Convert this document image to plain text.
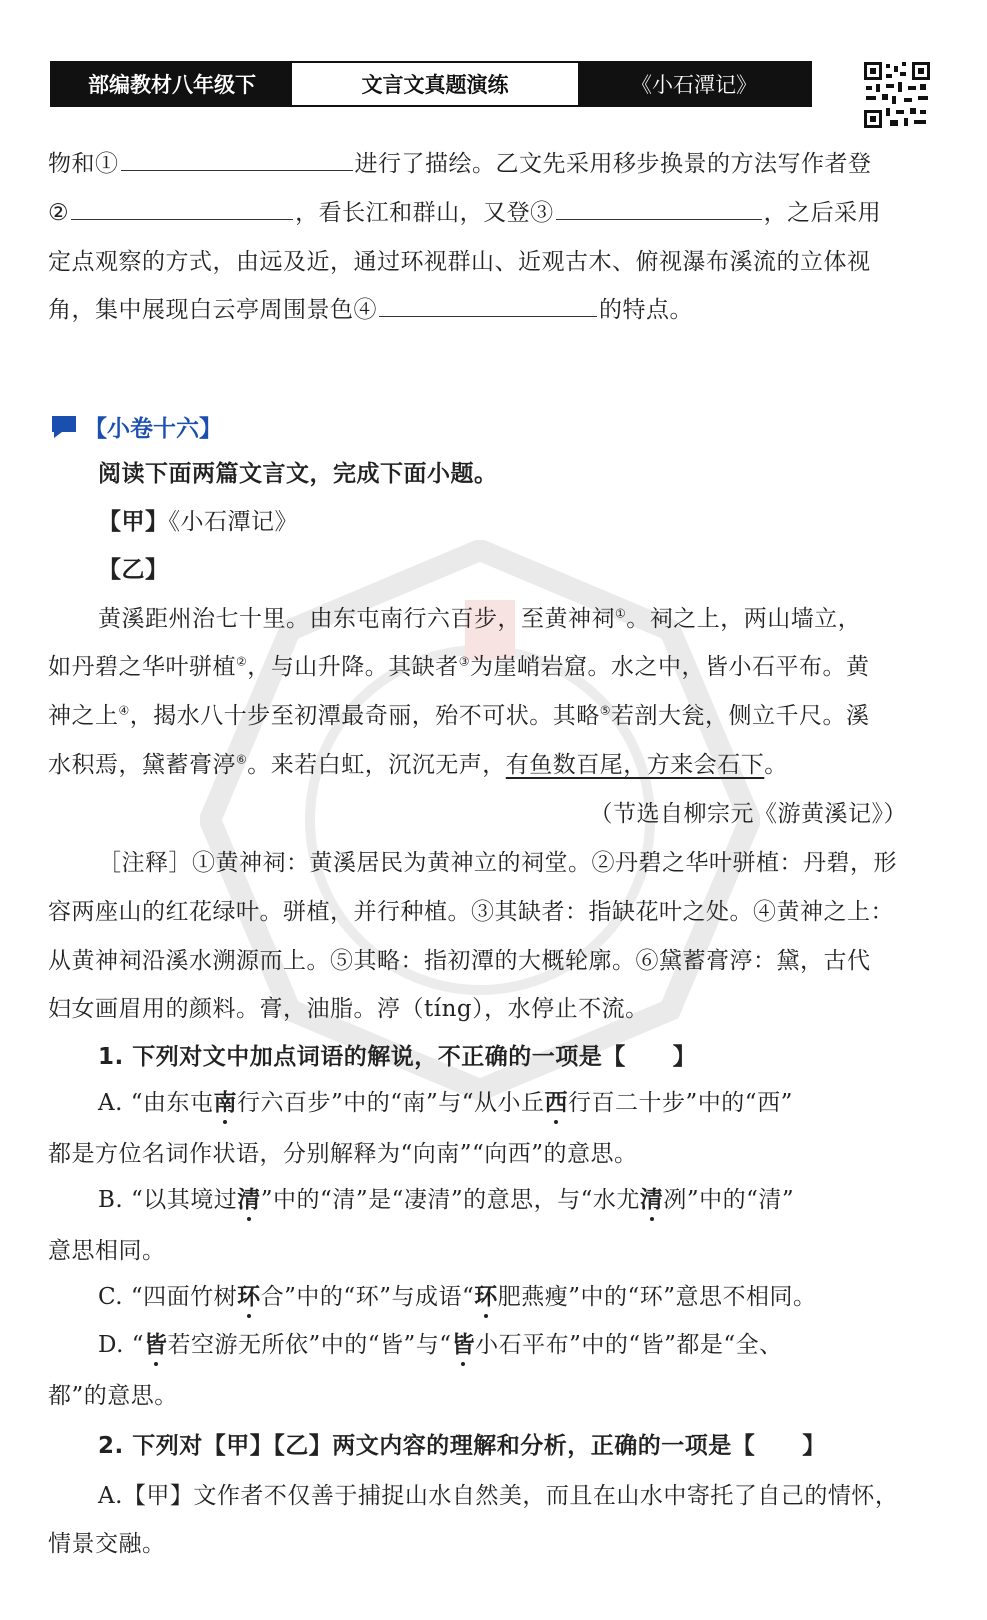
部编教材八年级下	文言文真题演练	《小石潭记》
物和①	进行了描绘。乙文先采用移步换景的方法写作者登
②	，看长江和群山，又登③	，之后采用
定点观察的方式，由远及近，通过环视群山、近观古木、俯视瀑布溪流的立体视
角，集中展现白云亭周围景色④	的特点。
【小卷十六】
阅读下面两篇文言文，完成下面小题。
【甲】《小石潭记》
【乙】
黄溪距州治七十里。由东屯南行六百步，至黄神祠①。祠之上，两山墙立，
如丹碧之华叶骈植②，与山升降。其缺者③为崖峭岩窟。水之中，皆小石平布。黄
神之上④，揭水八十步至初潭最奇丽，殆不可状。其略⑤若剖大瓮，侧立千尺。溪
水积焉，黛蓄膏渟⑥。来若白虹，沉沉无声，有鱼数百尾，方来会石下。
（节选自柳宗元《游黄溪记》）
［注释］①黄神祠：黄溪居民为黄神立的祠堂。②丹碧之华叶骈植：丹碧，形
容两座山的红花绿叶。骈植，并行种植。③其缺者：指缺花叶之处。④黄神之上：
从黄神祠沿溪水溯源而上。⑤其略：指初潭的大概轮廓。⑥黛蓄膏渟：黛，古代
妇女画眉用的颜料。膏，油脂。渟（tíng），水停止不流。
1. 下列对文中加点词语的解说，不正确的一项是【　　】
A. “由东屯南行六百步”中的“南”与“从小丘西行百二十步”中的“西”
都是方位名词作状语，分别解释为“向南”“向西”的意思。
B. “以其境过清”中的“清”是“凄清”的意思，与“水尤清冽”中的“清”
意思相同。
C. “四面竹树环合”中的“环”与成语“环肥燕瘦”中的“环”意思不相同。
D. “皆若空游无所依”中的“皆”与“皆小石平布”中的“皆”都是“全、
都”的意思。
2. 下列对【甲】【乙】两文内容的理解和分析，正确的一项是【　　】
A.【甲】文作者不仅善于捕捉山水自然美，而且在山水中寄托了自己的情怀，
情景交融。
